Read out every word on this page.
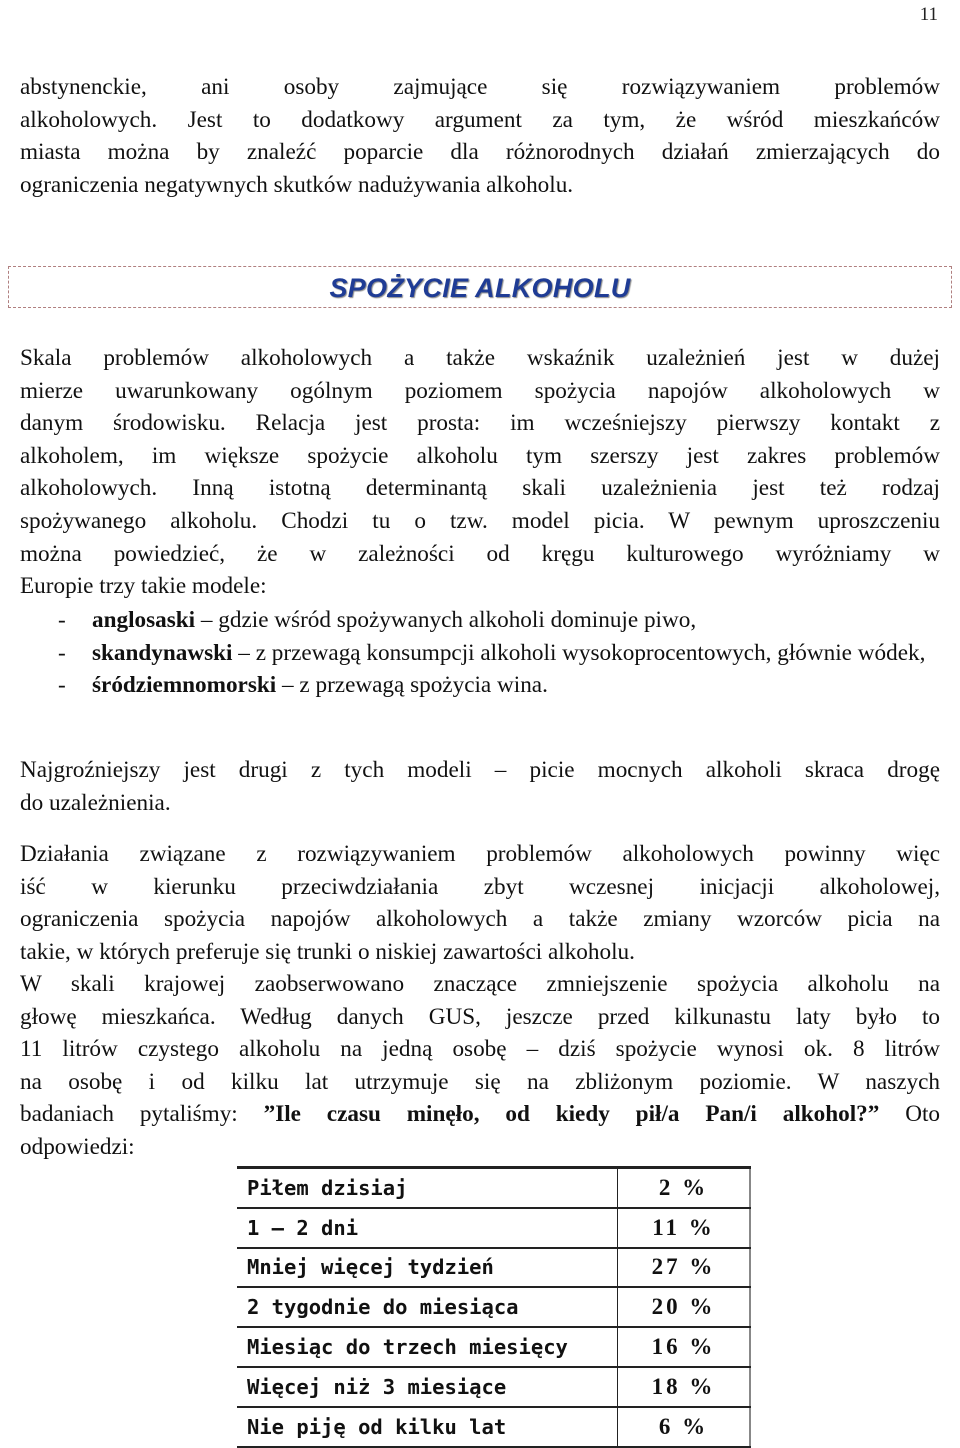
11
abstynenckie, ani osoby zajmujące się rozwiązywaniem problemów
alkoholowych. Jest to dodatkowy argument za tym, że wśród mieszkańców
miasta można by znaleźć poparcie dla różnorodnych działań zmierzających do
ograniczenia negatywnych skutków nadużywania alkoholu.
SPOŻYCIE ALKOHOLU
Skala problemów alkoholowych a także wskaźnik uzależnień jest w dużej
mierze uwarunkowany ogólnym poziomem spożycia napojów alkoholowych w
danym środowisku. Relacja jest prosta: im wcześniejszy pierwszy kontakt z
alkoholem, im większe spożycie alkoholu tym szerszy jest zakres problemów
alkoholowych. Inną istotną determinantą skali uzależnienia jest też rodzaj
spożywanego alkoholu. Chodzi tu o tzw. model picia. W pewnym uproszczeniu
można powiedzieć, że w zależności od kręgu kulturowego wyróżniamy w
Europie trzy takie modele:
- anglosaski – gdzie wśród spożywanych alkoholi dominuje piwo,
- skandynawski – z przewagą konsumpcji alkoholi wysokoprocentowych, głównie wódek,
- śródziemnomorski – z przewagą spożycia wina.
Najgroźniejszy jest drugi z tych modeli – picie mocnych alkoholi skraca drogę
do uzależnienia.
Działania związane z rozwiązywaniem problemów alkoholowych powinny więc
iść w kierunku przeciwdziałania zbyt wczesnej inicjacji alkoholowej,
ograniczenia spożycia napojów alkoholowych a także zmiany wzorców picia na
takie, w których preferuje się trunki o niskiej zawartości alkoholu.
W skali krajowej zaobserwowano znaczące zmniejszenie spożycia alkoholu na
głowę mieszkańca. Według danych GUS, jeszcze przed kilkunastu laty było to
11 litrów czystego alkoholu na jedną osobę – dziś spożycie wynosi ok. 8 litrów
na osobę i od kilku lat utrzymuje się na zbliżonym poziomie. W naszych
badaniach pytaliśmy: ”Ile czasu minęło, od kiedy pił/a Pan/i alkohol?” Oto
odpowiedzi:
Piłem dzisiaj	2 %
1 – 2 dni	11 %
Mniej więcej tydzień	27 %
2 tygodnie do miesiąca	20 %
Miesiąc do trzech miesięcy	16 %
Więcej niż 3 miesiące	18 %
Nie piję od kilku lat	6 %
